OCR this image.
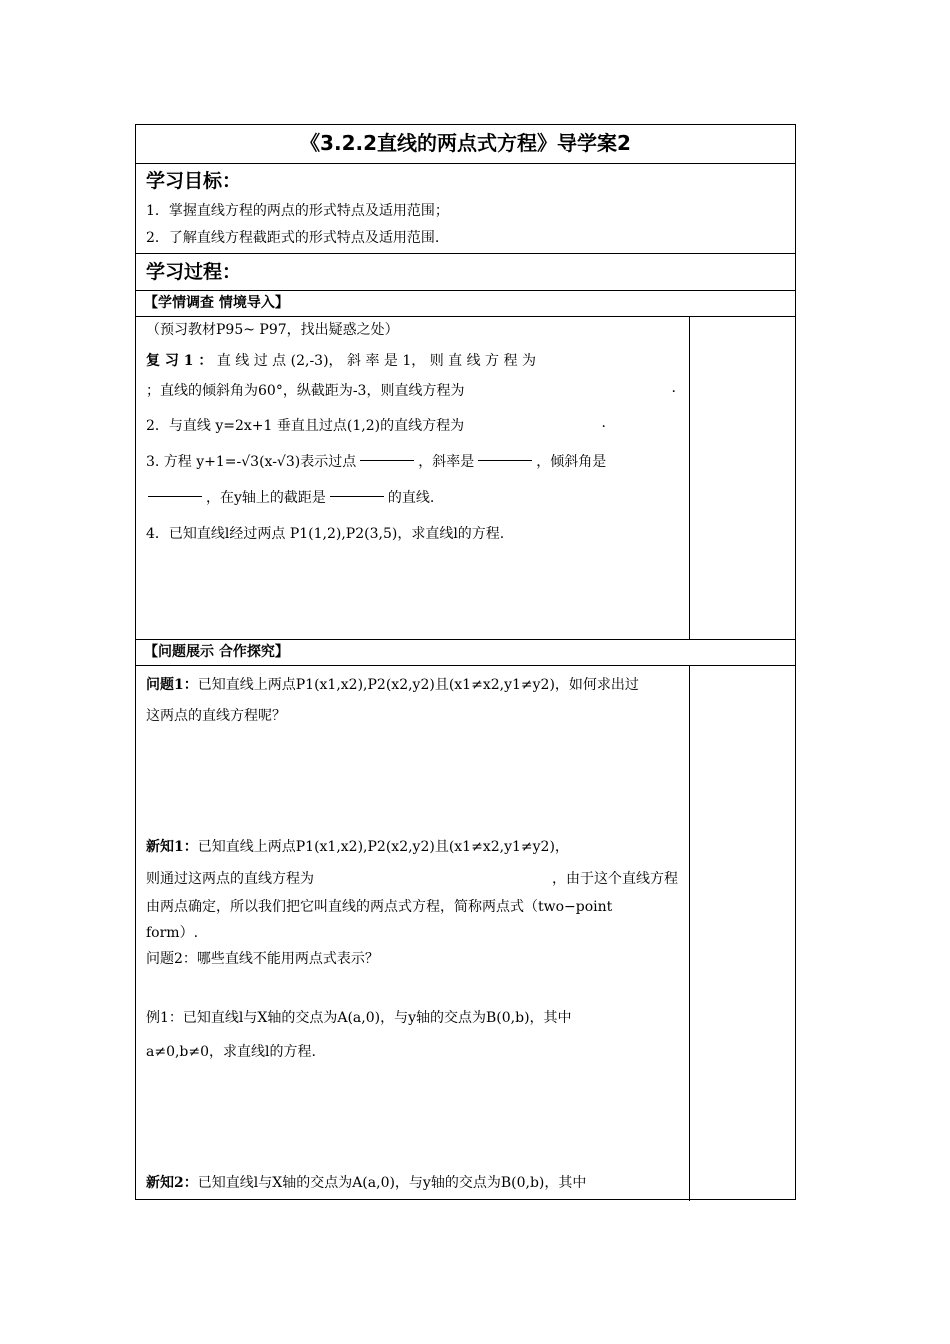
《3.2.2直线的两点式方程》导学案2
学习目标：
1．掌握直线方程的两点的形式特点及适用范围；
2．了解直线方程截距式的形式特点及适用范围.
学习过程：
【学情调查 情境导入】
（预习教材P95~ P97，找出疑惑之处）
复 习 1 ： 直 线 过 点 (2,-3)， 斜 率 是 1， 则 直 线 方 程 为
；直线的倾斜角为60°，纵截距为-3，则直线方程为	.
2．与直线 y=2x+1 垂直且过点(1,2)的直线方程为	.
3. 方程 y+1=-√3(x-√3)表示过点	，斜率是	，倾斜角是
，在y轴上的截距是	的直线.
4．已知直线l经过两点 P1(1,2),P2(3,5)，求直线l的方程.
【问题展示 合作探究】
问题1：已知直线上两点P1(x1,x2),P2(x2,y2)且(x1≠x2,y1≠y2)，如何求出过
这两点的直线方程呢？
新知1：已知直线上两点P1(x1,x2),P2(x2,y2)且(x1≠x2,y1≠y2)，
则通过这两点的直线方程为	，由于这个直线方程
由两点确定，所以我们把它叫直线的两点式方程，简称两点式（two−point
form）.
问题2：哪些直线不能用两点式表示？
例1：已知直线l与X轴的交点为A(a,0)，与y轴的交点为B(0,b)，其中
a≠0,b≠0，求直线l的方程.
新知2：已知直线l与X轴的交点为A(a,0)，与y轴的交点为B(0,b)，其中
